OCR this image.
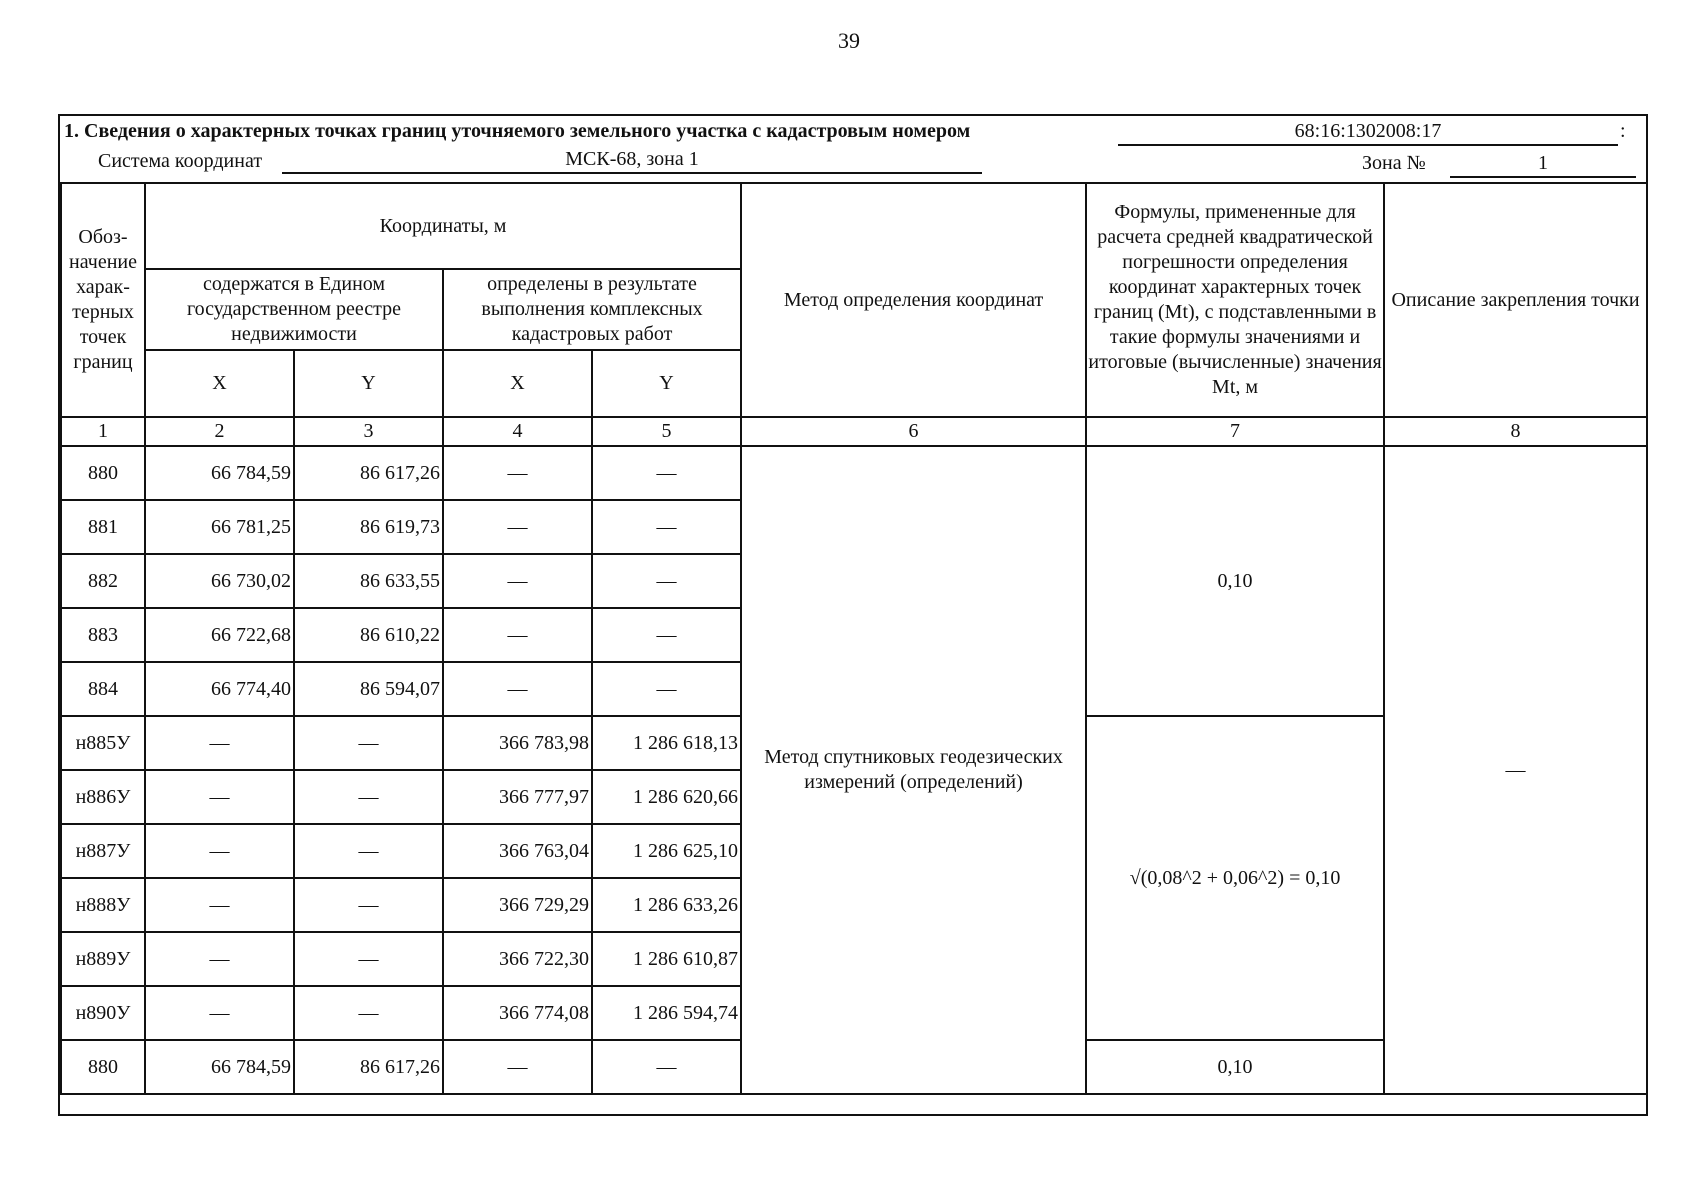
39
1. Сведения о характерных точках границ уточняемого земельного участка с кадастровым номером	68:16:1302008:17	:
Система координат	МСК-68, зона 1	Зона №	1
Обоз-начение харак-терных точек границ	Координаты, м				Метод определения координат	Формулы, примененные для расчета средней квадратической погрешности определения координат характерных точек границ (Mt), с подставленными в такие формулы значениями и итоговые (вычисленные) значения Mt, м	Описание закрепления точки
	содержатся в Едином государственном реестре недвижимости		определены в результате выполнения комплексных кадастровых работ				
	X	Y	X	Y			
1	2	3	4	5	6	7	8
880	66 784,59	86 617,26	—	—	Метод спутниковых геодезических измерений (определений)	0,10	—
881	66 781,25	86 619,73	—	—			
882	66 730,02	86 633,55	—	—			
883	66 722,68	86 610,22	—	—			
884	66 774,40	86 594,07	—	—			
н885У	—	—	366 783,98	1 286 618,13		√(0,08^2 + 0,06^2) = 0,10	
н886У	—	—	366 777,97	1 286 620,66			
н887У	—	—	366 763,04	1 286 625,10			
н888У	—	—	366 729,29	1 286 633,26			
н889У	—	—	366 722,30	1 286 610,87			
н890У	—	—	366 774,08	1 286 594,74			
880	66 784,59	86 617,26	—	—		0,10	
